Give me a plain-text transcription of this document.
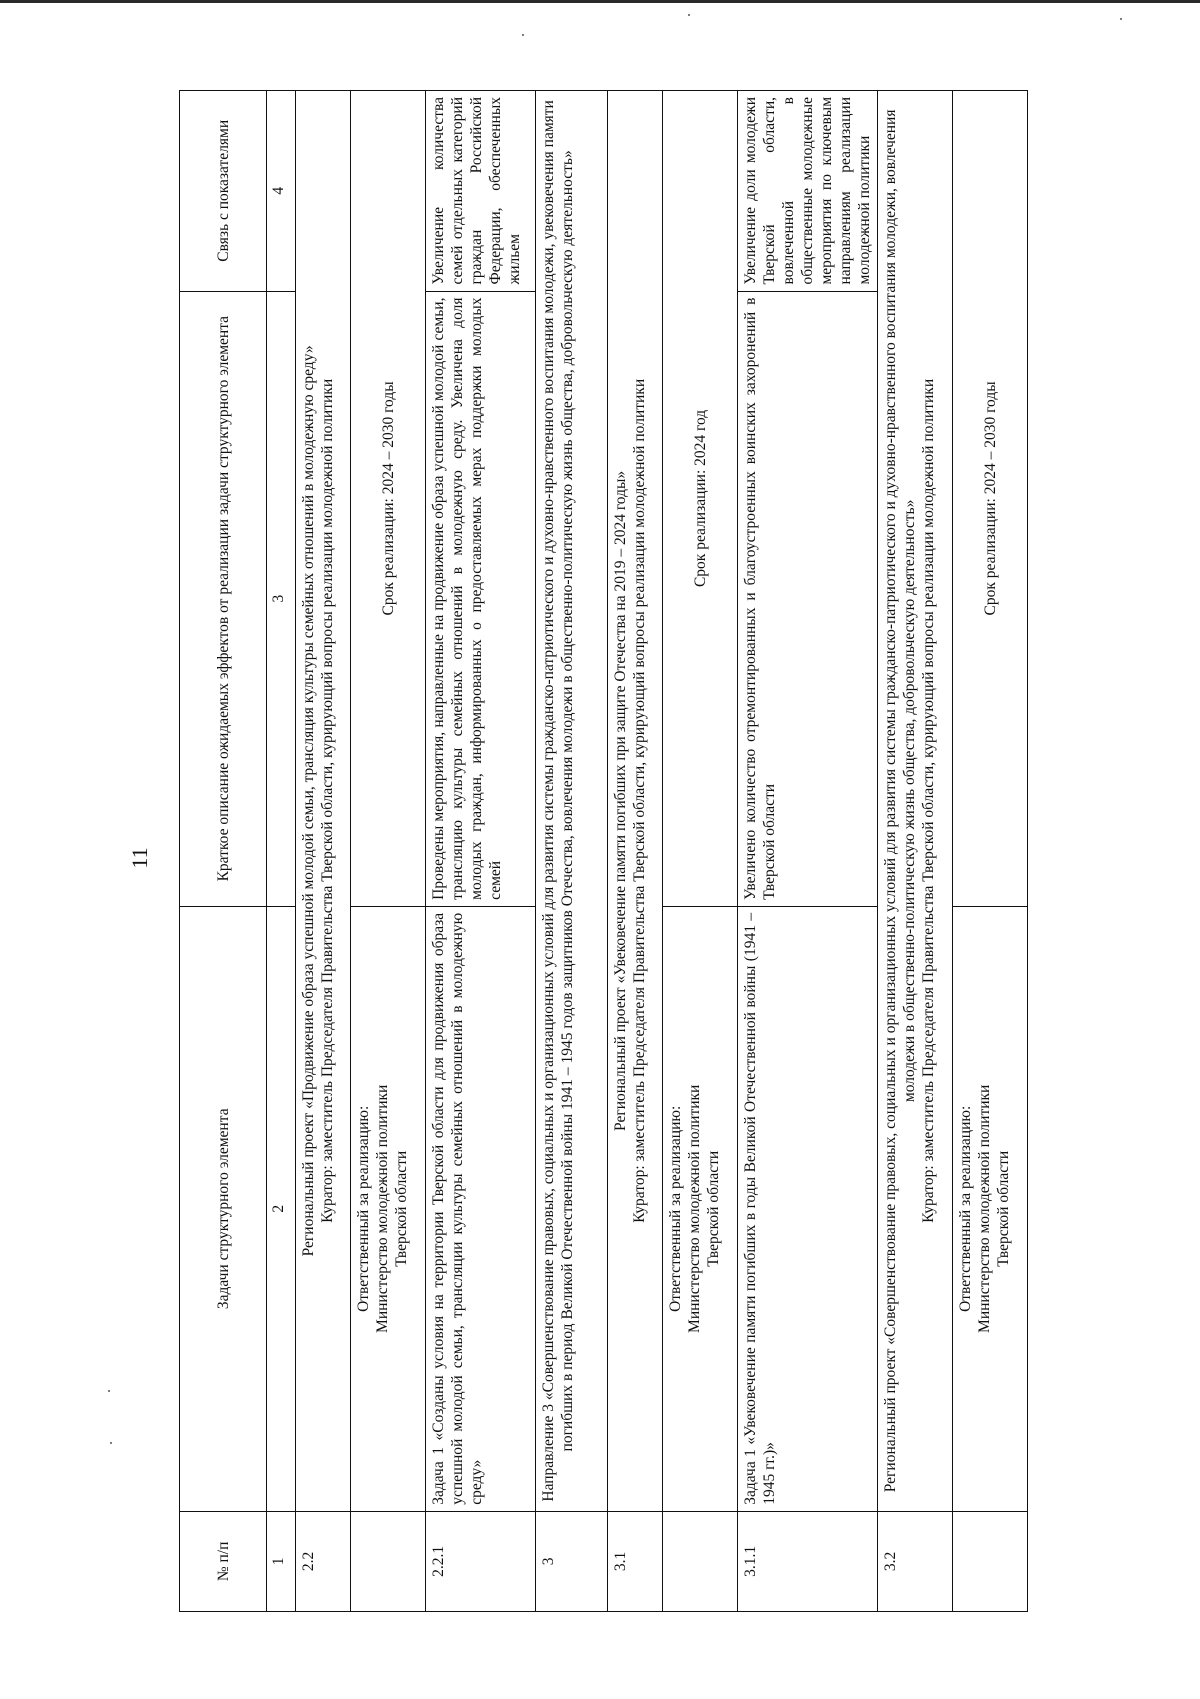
11
№ п/п	Задачи структурного элемента	Краткое описание ожидаемых эффектов от реализации задачи структурного элемента	Связь с показателями
1	2	3	4
2.2	Региональный проект «Продвижение образа успешной молодой семьи, трансляция культуры семейных отношений в молодежную среду» Куратор: заместитель Председателя Правительства Тверской области, курирующий вопросы реализации молодежной политики		

	Ответственный за реализацию: Министерство молодежной политики Тверской области	Срок реализации: 2024 – 2030 годы	
2.2.1	Задача 1 «Созданы условия на территории Тверской области для продвижения образа успешной молодой семьи, трансляции культуры семейных отношений в молодежную среду»	Проведены мероприятия, направленные на продвижение образа успешной молодой семьи, трансляцию культуры семейных отношений в молодежную среду. Увеличена доля молодых граждан, информированных о предоставляемых мерах поддержки молодых семей	Увеличение количества семей отдельных категорий граждан Российской Федерации, обеспеченных жильем
3	Направление 3 «Совершенствование правовых, социальных и организационных условий для развития системы гражданско-патриотического и духовно-нравственного воспитания молодежи, увековечения памяти погибших в период Великой Отечественной войны 1941 – 1945 годов защитников Отечества, вовлечения молодежи в общественно-политическую жизнь общества, добровольческую деятельность»		
3.1	Региональный проект «Увековечение памяти погибших при защите Отечества на 2019 – 2024 годы» Куратор: заместитель Председателя Правительства Тверской области, курирующий вопросы реализации молодежной политики		

	Ответственный за реализацию: Министерство молодежной политики Тверской области	Срок реализации: 2024 год	
3.1.1	Задача 1 «Увековечение памяти погибших в годы Великой Отечественной войны (1941 – 1945 гг.)»	Увеличено количество отремонтированных и благоустроенных воинских захоронений в Тверской области	Увеличение доли молодежи Тверской области, вовлеченной в общественные молодежные мероприятия по ключевым направлениям реализации молодежной политики
3.2	Региональный проект «Совершенствование правовых, социальных и организационных условий для развития системы гражданско-патриотического и духовно-нравственного воспитания молодежи, вовлечения молодежи в общественно-политическую жизнь общества, добровольческую деятельность» Куратор: заместитель Председателя Правительства Тверской области, курирующий вопросы реализации молодежной политики		

	Ответственный за реализацию: Министерство молодежной политики Тверской области	Срок реализации: 2024 – 2030 годы	
